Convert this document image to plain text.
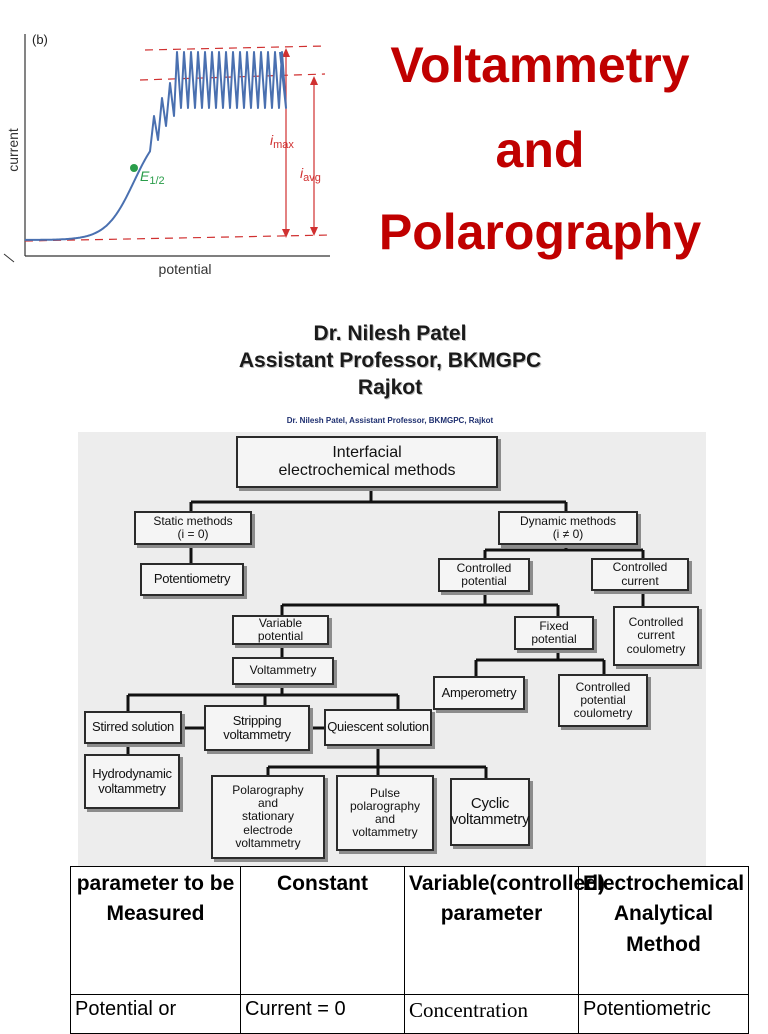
(b)
potential
current	$i_{max}$
$i_{avg}$
$E_{1/2}$
Voltammetry
and
Polarography
Dr. Nilesh Patel
Assistant Professor, BKMGPC
Rajkot
Dr. Nilesh Patel, Assistant Professor, BKMGPC, Rajkot
Interfacial
electrochemical methods
Static methods
(i = 0)
Dynamic methods
(i ≠ 0)
Potentiometry
Controlled
potential
Controlled
current
Variable
potential
Fixed
potential
Controlled
current
coulometry
Voltammetry
Amperometry	Controlled
potential
coulometry
Stirred solution	Stripping
voltammetry
Quiescent solution
Hydrodynamic
voltammetry	Polarography
and
stationary
electrode
voltammetry
Pulse
polarography
and
voltammetry
Cyclic
voltammetry
parameter to be Measured	Constant	Variable(controlled) parameter	Electrochemical Analytical Method
Potential or	Current = 0	Concentration	Potentiometric
